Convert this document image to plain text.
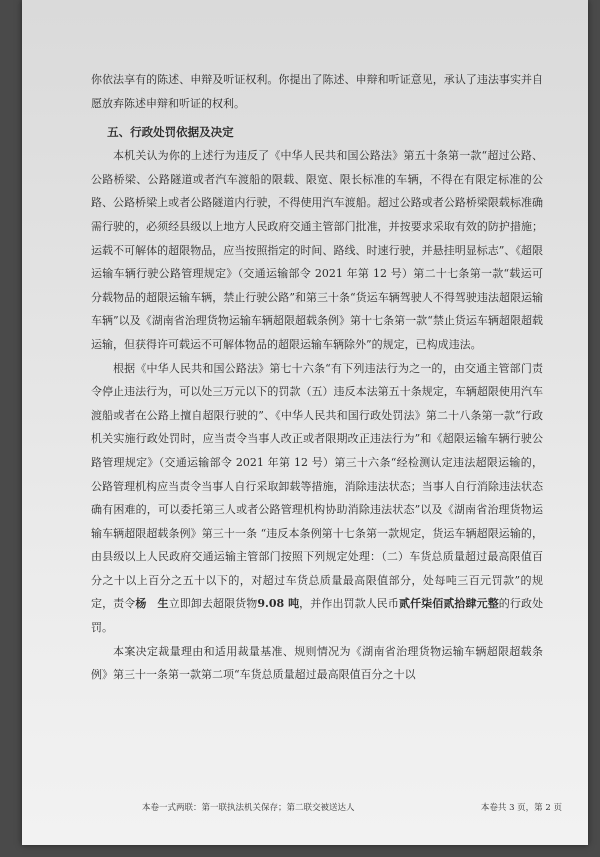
你依法享有的陈述、申辩及听证权利。你提出了陈述、申辩和听证意见，承认了违法事实并自愿放弃陈述申辩和听证的权利。

五、行政处罚依据及决定

本机关认为你的上述行为违反了《中华人民共和国公路法》第五十条第一款“超过公路、公路桥梁、公路隧道或者汽车渡船的限载、限宽、限长标准的车辆，不得在有限定标准的公路、公路桥梁上或者公路隧道内行驶，不得使用汽车渡船。超过公路或者公路桥梁限载标准确需行驶的，必须经县级以上地方人民政府交通主管部门批准，并按要求采取有效的防护措施；运载不可解体的超限物品，应当按照指定的时间、路线、时速行驶，并悬挂明显标志”、《超限运输车辆行驶公路管理规定》（交通运输部令 2021 年第 12 号）第二十七条第一款“载运可分载物品的超限运输车辆，禁止行驶公路”和第三十条“货运车辆驾驶人不得驾驶违法超限运输车辆”以及《湖南省治理货物运输车辆超限超载条例》第十七条第一款“禁止货运车辆超限超载运输，但获得许可载运不可解体物品的超限运输车辆除外”的规定，已构成违法。

根据《中华人民共和国公路法》第七十六条“有下列违法行为之一的，由交通主管部门责令停止违法行为，可以处三万元以下的罚款（五）违反本法第五十条规定，车辆超限使用汽车渡船或者在公路上擅自超限行驶的”、《中华人民共和国行政处罚法》第二十八条第一款“行政机关实施行政处罚时，应当责令当事人改正或者限期改正违法行为”和《超限运输车辆行驶公路管理规定》（交通运输部令 2021 年第 12 号）第三十六条“经检测认定违法超限运输的，公路管理机构应当责令当事人自行采取卸载等措施，消除违法状态；当事人自行消除违法状态确有困难的，可以委托第三人或者公路管理机构协助消除违法状态”以及《湖南省治理货物运输车辆超限超载条例》第三十一条 “违反本条例第十七条第一款规定，货运车辆超限运输的，由县级以上人民政府交通运输主管部门按照下列规定处理：（二）车货总质量超过最高限值百分之十以上百分之五十以下的，对超过车货总质量最高限值部分，处每吨三百元罚款”的规定，责令杨　生立即卸去超限货物9.08 吨，并作出罚款人民币贰仟柒佰贰拾肆元整的行政处罚。

本案决定裁量理由和适用裁量基准、规则情况为《湖南省治理货物运输车辆超限超载条例》第三十一条第一款第二项“车货总质量超过最高限值百分之十以

本卷一式两联：第一联执法机关保存；第二联交被送达人	本卷共 3 页，第 2 页
